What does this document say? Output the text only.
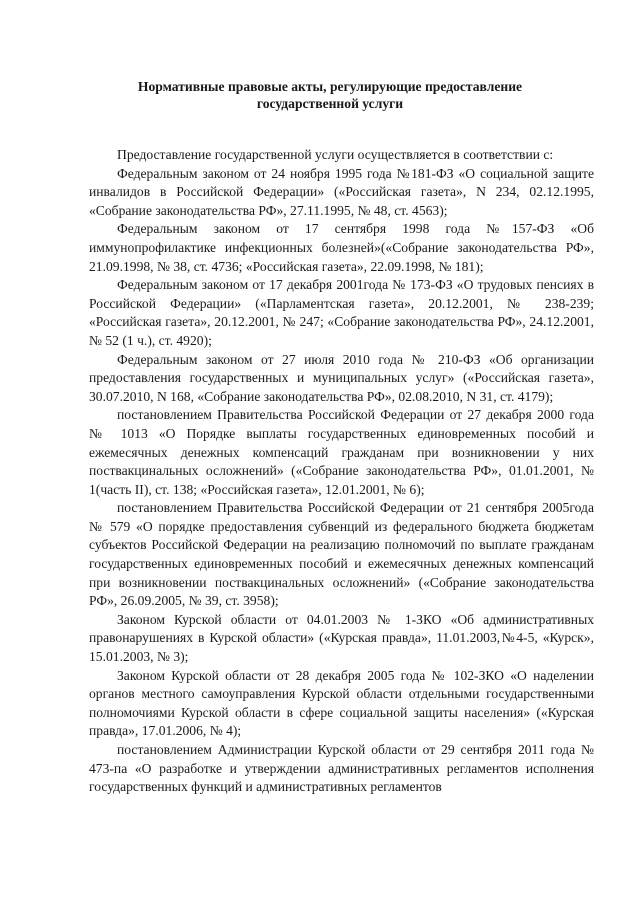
Нормативные правовые акты, регулирующие предоставление государственной услуги

Предоставление государственной услуги осуществляется в соответствии с:

Федеральным законом от 24 ноября 1995 года №181-ФЗ «О социальной защите инвалидов в Российской Федерации» («Российская газета», N 234, 02.12.1995, «Собрание законодательства РФ», 27.11.1995, № 48, ст. 4563);

Федеральным законом от 17 сентября 1998 года №157-ФЗ «Об иммунопрофилактике инфекционных болезней»(«Собрание законодательства РФ», 21.09.1998, № 38, ст. 4736; «Российская газета», 22.09.1998, № 181);

Федеральным законом от 17 декабря 2001года № 173-ФЗ «О трудовых пенсиях в Российской Федерации» («Парламентская газета», 20.12.2001, № 238-239; «Российская газета», 20.12.2001, № 247; «Собрание законодательства РФ», 24.12.2001, № 52 (1 ч.), ст. 4920);

Федеральным законом от 27 июля 2010 года № 210-ФЗ «Об организации предоставления государственных и муниципальных услуг» («Российская газета», 30.07.2010, N 168, «Собрание законодательства РФ», 02.08.2010, N 31, ст. 4179);

постановлением Правительства Российской Федерации от 27 декабря 2000 года № 1013 «О Порядке выплаты государственных единовременных пособий и ежемесячных денежных компенсаций гражданам при возникновении у них поствакцинальных осложнений» («Собрание законодательства РФ», 01.01.2001, № 1(часть II), ст. 138; «Российская газета», 12.01.2001, № 6);

постановлением Правительства Российской Федерации от 21 сентября 2005года № 579 «О порядке предоставления субвенций из федерального бюджета бюджетам субъектов Российской Федерации на реализацию полномочий по выплате гражданам государственных единовременных пособий и ежемесячных денежных компенсаций при возникновении поствакцинальных осложнений» («Собрание законодательства РФ», 26.09.2005, № 39, ст. 3958);

Законом Курской области от 04.01.2003 № 1-ЗКО «Об административных правонарушениях в Курской области» («Курская правда», 11.01.2003,№4-5, «Курск», 15.01.2003, № 3);

Законом Курской области от 28 декабря 2005 года № 102-ЗКО «О наделении органов местного самоуправления Курской области отдельными государственными полномочиями Курской области в сфере социальной защиты населения» («Курская правда», 17.01.2006, № 4);

постановлением Администрации Курской области от 29 сентября 2011 года № 473-па «О разработке и утверждении административных регламентов исполнения государственных функций и административных регламентов
